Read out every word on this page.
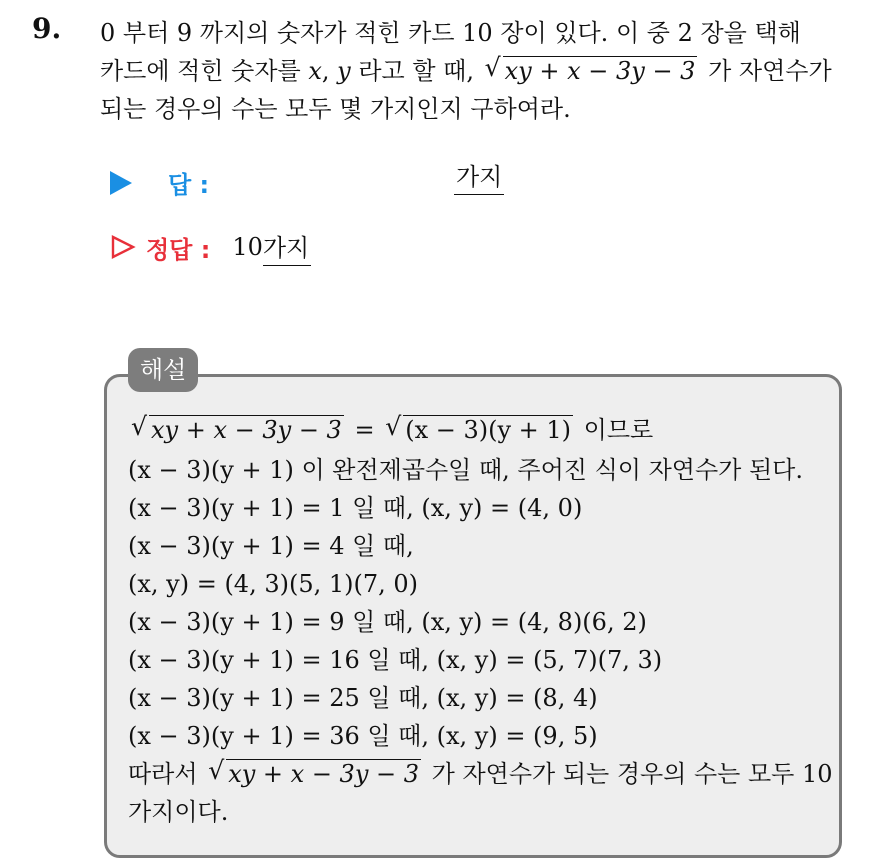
9. 0 부터 9 까지의 숫자가 적힌 카드 10 장이 있다. 이 중 2 장을 택해
카드에 적힌 숫자를 x, y 라고 할 때, √ xy + x − 3y − 3 가 자연수가
되는 경우의 수는 모두 몇 가지인지 구하여라.
답 :	가지
정답 : 10 가지
해설
√ xy + x − 3y − 3 = √ (x − 3)(y + 1) 이므로
(x − 3)(y + 1) 이 완전제곱수일 때, 주어진 식이 자연수가 된다.
(x − 3)(y + 1) = 1 일 때, (x, y) = (4, 0)
(x − 3)(y + 1) = 4 일 때,
(x, y) = (4, 3)(5, 1)(7, 0)
(x − 3)(y + 1) = 9 일 때, (x, y) = (4, 8)(6, 2)
(x − 3)(y + 1) = 16 일 때, (x, y) = (5, 7)(7, 3)
(x − 3)(y + 1) = 25 일 때, (x, y) = (8, 4)
(x − 3)(y + 1) = 36 일 때, (x, y) = (9, 5)
따라서 √ xy + x − 3y − 3 가 자연수가 되는 경우의 수는 모두 10
가지이다.
